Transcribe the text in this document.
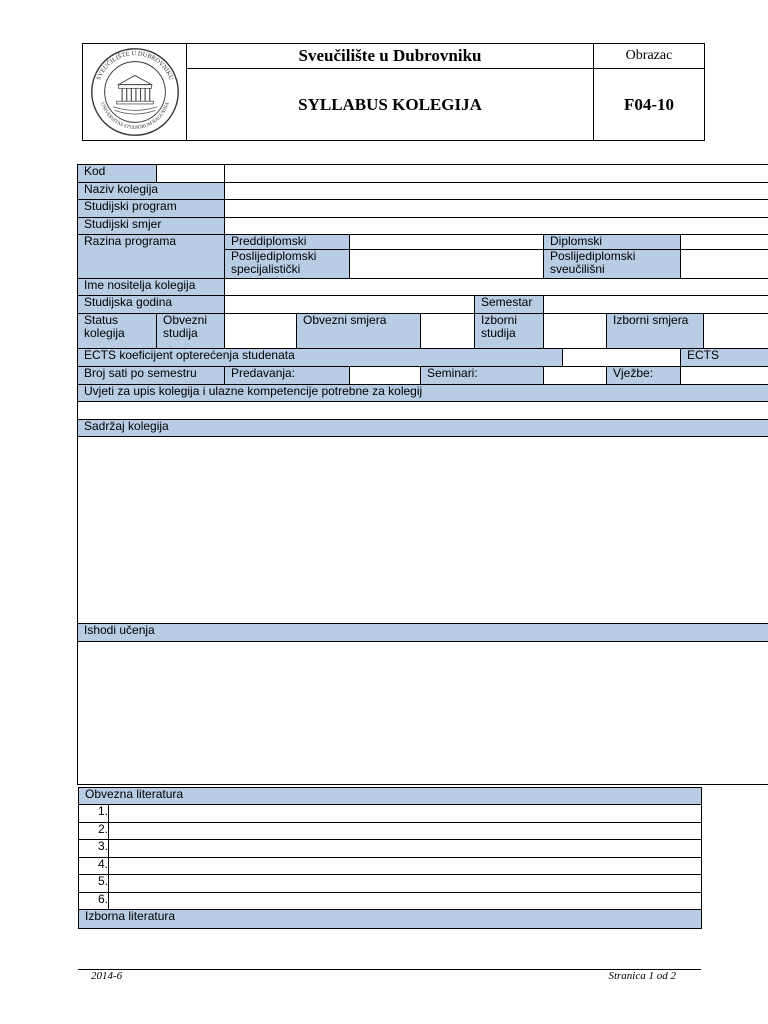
SVEUČILIŠTE U DUBROVNIKU
UNIVERSITAS STUDIORUM RAGUSINA
Sveučilište u Dubrovniku	Obrazac
SYLLABUS KOLEGIJA	F04-10
Kod											
Naziv kolegija											
Studijski program											
Studijski smjer											
Razina programa		Preddiplomski					Diplomski				
		Poslijediplomski specijalistički					Poslijediplomski sveučilišni				
Ime nositelja kolegija											
Studijska godina						Semestar					
Status kolegija	Obvezni studija		Obvezni smjera			Izborni studija			Izborni smjera		
ECTS koeficijent opterećenja studenata										ECTS	
Broj sati po semestru		Predavanja:			Seminari:				Vježbe:		
Uvjeti za upis kolegija i ulazne kompetencije potrebne za kolegij											

Sadržaj kolegija											

Ishodi učenja											

Obvezna literatura	
1.	
2.	
3.	
4.	
5.	
6.	
Izborna literatura	
2014-6	Stranica 1 od 2
